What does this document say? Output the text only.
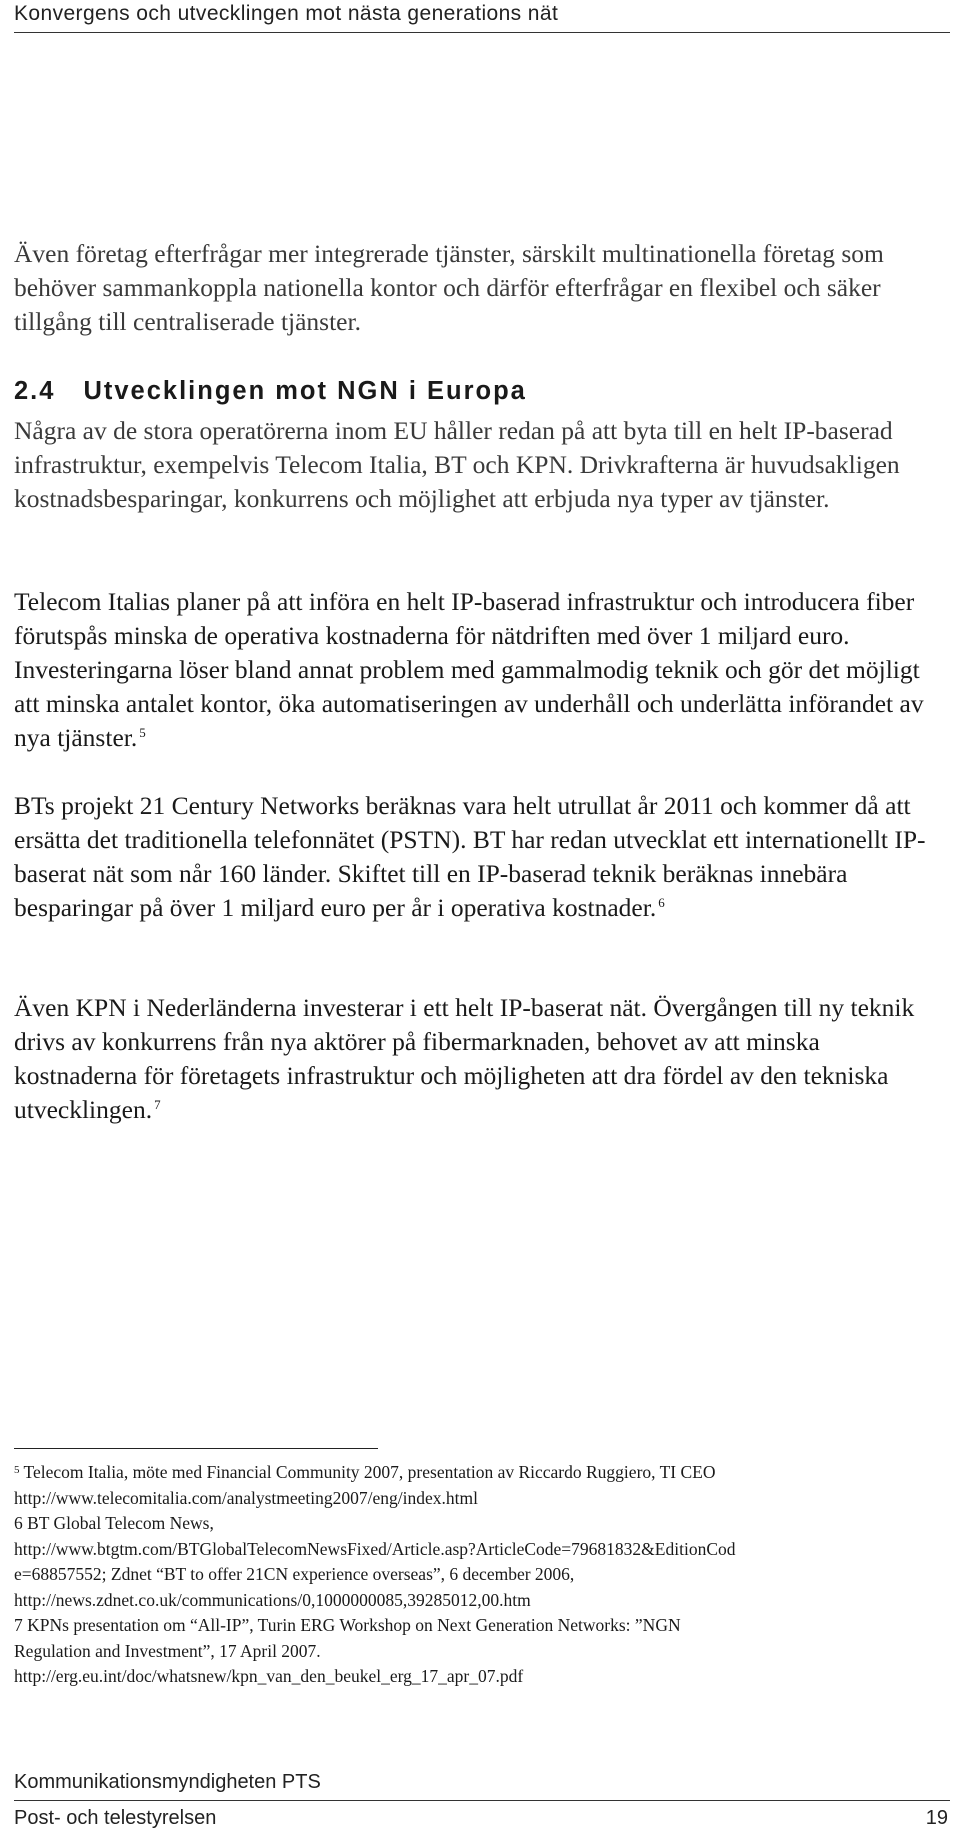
Konvergens och utvecklingen mot nästa generations nät

Även företag efterfrågar mer integrerade tjänster, särskilt multinationella företag som behöver sammankoppla nationella kontor och därför efterfrågar en flexibel och säker tillgång till centraliserade tjänster.

2.4 Utvecklingen mot NGN i Europa

Några av de stora operatörerna inom EU håller redan på att byta till en helt IP-baserad infrastruktur, exempelvis Telecom Italia, BT och KPN. Drivkrafterna är huvudsakligen kostnadsbesparingar, konkurrens och möjlighet att erbjuda nya typer av tjänster.

Telecom Italias planer på att införa en helt IP-baserad infrastruktur och introducera fiber förutspås minska de operativa kostnaderna för nätdriften med över 1 miljard euro. Investeringarna löser bland annat problem med gammalmodig teknik och gör det möjligt att minska antalet kontor, öka automatiseringen av underhåll och underlätta införandet av nya tjänster. $^5$

BTs projekt 21 Century Networks beräknas vara helt utrullat år 2011 och kommer då att ersätta det traditionella telefonnätet (PSTN). BT har redan utvecklat ett internationellt IP-baserat nät som når 160 länder. Skiftet till en IP-baserad teknik beräknas innebära besparingar på över 1 miljard euro per år i operativa kostnader. $^6$

Även KPN i Nederländerna investerar i ett helt IP-baserat nät. Övergången till ny teknik drivs av konkurrens från nya aktörer på fibermarknaden, behovet av att minska kostnaderna för företagets infrastruktur och möjligheten att dra fördel av den tekniska utvecklingen. $^7$

$^5$ Telecom Italia, möte med Financial Community 2007, presentation av Riccardo Ruggiero, TI CEO
http://www.telecomitalia.com/analystmeeting2007/eng/index.html
6 BT Global Telecom News,
http://www.btgtm.com/BTGlobalTelecomNewsFixed/Article.asp?ArticleCode=79681832&EditionCod
e=68857552; Zdnet “BT to offer 21CN experience overseas”, 6 december 2006,
http://news.zdnet.co.uk/communications/0,1000000085,39285012,00.htm
7 KPNs presentation om “All-IP”, Turin ERG Workshop on Next Generation Networks: ”NGN
Regulation and Investment”, 17 April 2007.
http://erg.eu.int/doc/whatsnew/kpn_van_den_beukel_erg_17_apr_07.pdf
Kommunikationsmyndigheten PTS
Post- och telestyrelsen	19
